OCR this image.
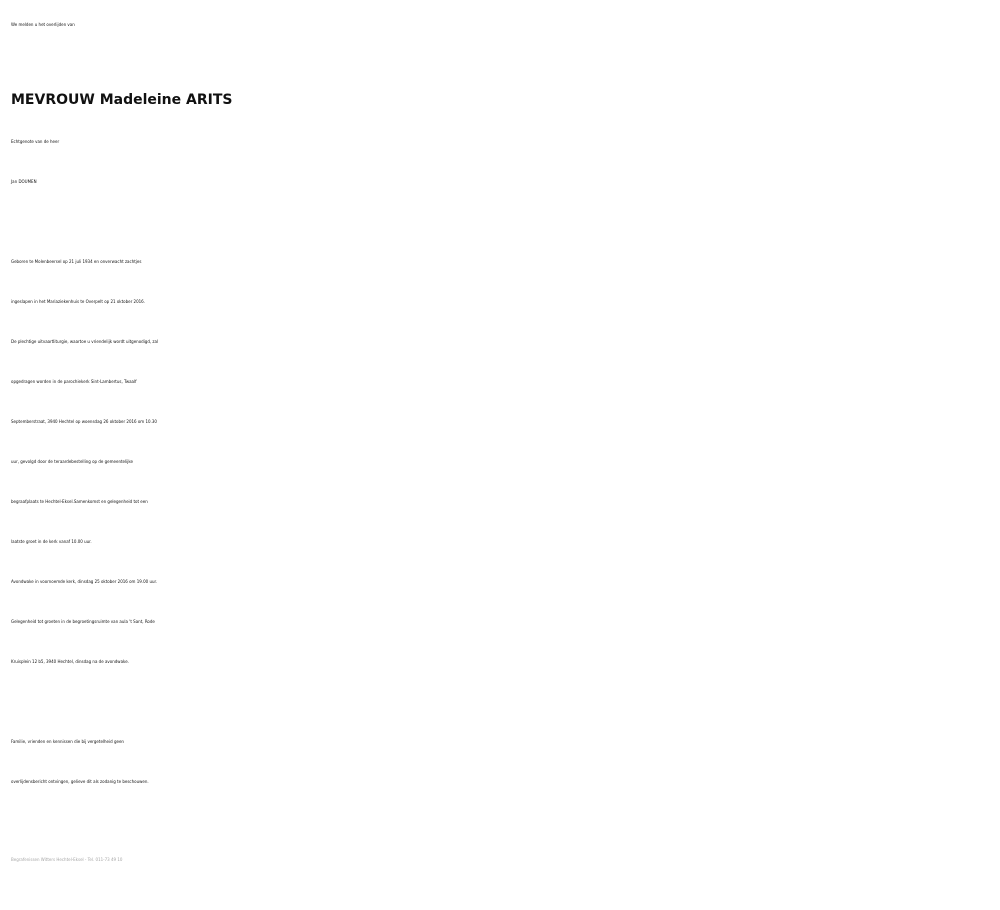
We melden u het overlijden van

MEVROUW Madeleine ARITS

Echtgenote van de heer

Jan DOUMEN

Geboren te Molenbeersel op 21 juli 1934 en onverwacht zachtjes

ingeslapen in het Mariaziekenhuis te Overpelt op 21 oktober 2016.

De plechtige uitvaartliturgie, waartoe u vriendelijk wordt uitgenodigd, zal

opgedragen worden in de parochiekerk Sint-Lambertus, Twaalf

Septemberstraat, 3940 Hechtel op woensdag 26 oktober 2016 om 10.30

uur, gevolgd door de teraardebestelling op de gemeentelijke

begraafplaats te Hechtel-Eksel.Samenkomst en gelegenheid tot een

laatste groet in de kerk vanaf 10.00 uur.

Avondwake in voornoemde kerk, dinsdag 25 oktober 2016 om 19.00 uur.

Gelegenheid tot groeten in de begroetingsruimte van aula 't Sant, Rode

Kruisplein 12 b5, 3940 Hechtel, dinsdag na de avondwake.

Familie, vrienden en kennissen die bij vergetelheid geen

overlijdensbericht ontvingen, gelieve dit als zodanig te beschouwen.

Begrafenissen Witters Hechtel-Eksel - Tel. 011-73 49 10
